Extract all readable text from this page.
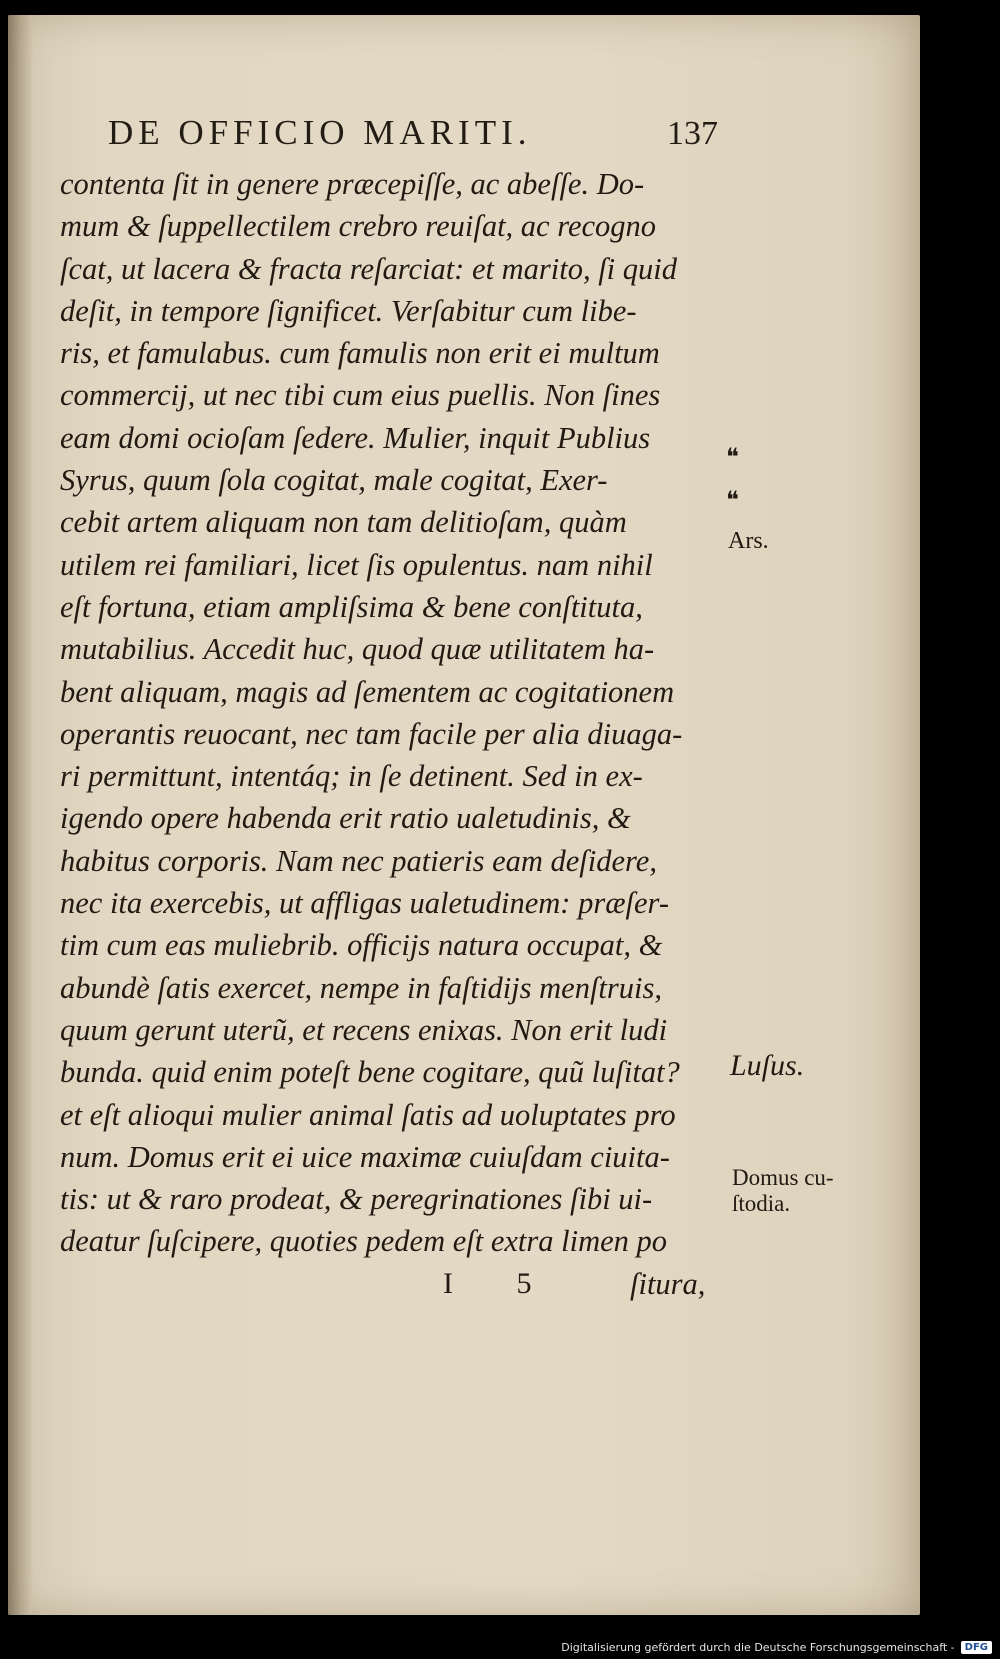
DE OFFICIO MARITI.	137
contenta ſit in genere præcepiſſe, ac abeſſe. Do-
mum & ſuppellectilem crebro reuiſat, ac recogno
ſcat, ut lacera & fracta reſarciat: et marito, ſi quid
deſit, in tempore ſignificet. Verſabitur cum libe-
ris, et famulabus. cum famulis non erit ei multum
commercij, ut nec tibi cum eius puellis. Non ſines
eam domi ocioſam ſedere. Mulier, inquit Publius
Syrus, quum ſola cogitat, male cogitat, Exer-
cebit artem aliquam non tam delitioſam, quàm
utilem rei familiari, licet ſis opulentus. nam nihil
eſt fortuna, etiam ampliſsima & bene conſtituta,
mutabilius. Accedit huc, quod quæ utilitatem ha-
bent aliquam, magis ad ſementem ac cogitationem
operantis reuocant, nec tam facile per alia diuaga-
ri permittunt, intentáq; in ſe detinent. Sed in ex-
igendo opere habenda erit ratio ualetudinis, &
habitus corporis. Nam nec patieris eam deſidere,
nec ita exercebis, ut affligas ualetudinem: præſer-
tim cum eas muliebrib. officijs natura occupat, &
abundè ſatis exercet, nempe in faſtidijs menſtruis,
quum gerunt uterũ, et recens enixas. Non erit ludi
bunda. quid enim poteſt bene cogitare, quũ luſitat?
et eſt alioqui mulier animal ſatis ad uoluptates pro
num. Domus erit ei uice maximæ cuiuſdam ciuita-
tis: ut & raro prodeat, & peregrinationes ſibi ui-
deatur ſuſcipere, quoties pedem eſt extra limen po
I 5 ſitura,
❝
❝
Ars.
Luſus.
Domus cu-
ſtodia.
Digitalisierung gefördert durch die Deutsche Forschungsgemeinschaft -	DFG
